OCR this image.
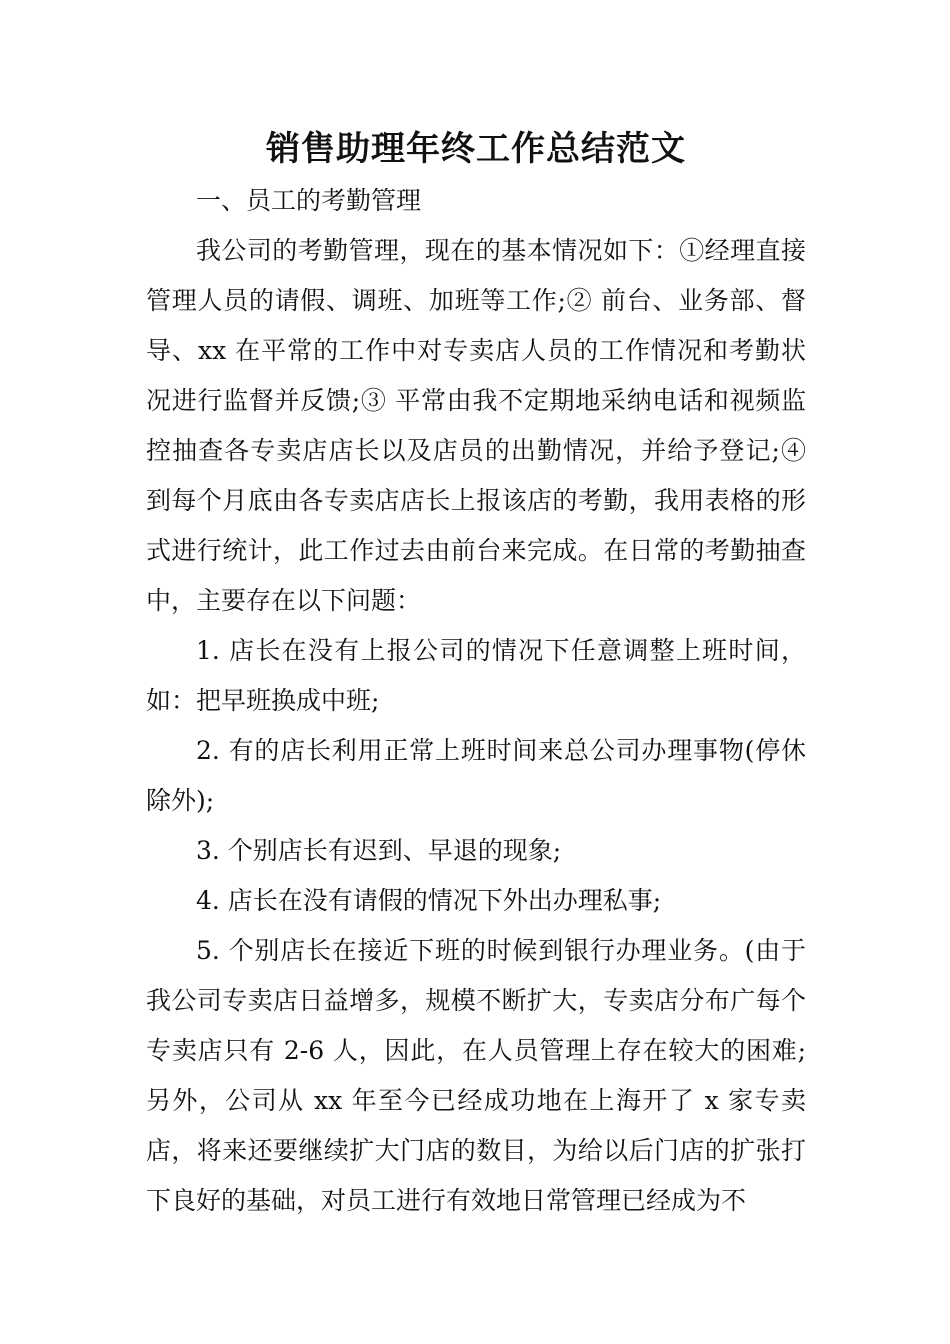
销售助理年终工作总结范文

一、员工的考勤管理

我公司的考勤管理，现在的基本情况如下：①经理直接管理人员的请假、调班、加班等工作;② 前台、业务部、督导、xx 在平常的工作中对专卖店人员的工作情况和考勤状况进行监督并反馈;③ 平常由我不定期地采纳电话和视频监控抽查各专卖店店长以及店员的出勤情况，并给予登记;④ 到每个月底由各专卖店店长上报该店的考勤，我用表格的形式进行统计，此工作过去由前台来完成。在日常的考勤抽查中，主要存在以下问题：

1. 店长在没有上报公司的情况下任意调整上班时间，如：把早班换成中班;

2. 有的店长利用正常上班时间来总公司办理事物(停休除外);

3. 个别店长有迟到、早退的现象;

4. 店长在没有请假的情况下外出办理私事;

5. 个别店长在接近下班的时候到银行办理业务。(由于我公司专卖店日益增多，规模不断扩大，专卖店分布广每个专卖店只有 2-6 人，因此，在人员管理上存在较大的困难;另外，公司从 xx 年至今已经成功地在上海开了 x 家专卖店，将来还要继续扩大门店的数目，为给以后门店的扩张打下良好的基础，对员工进行有效地日常管理已经成为不
